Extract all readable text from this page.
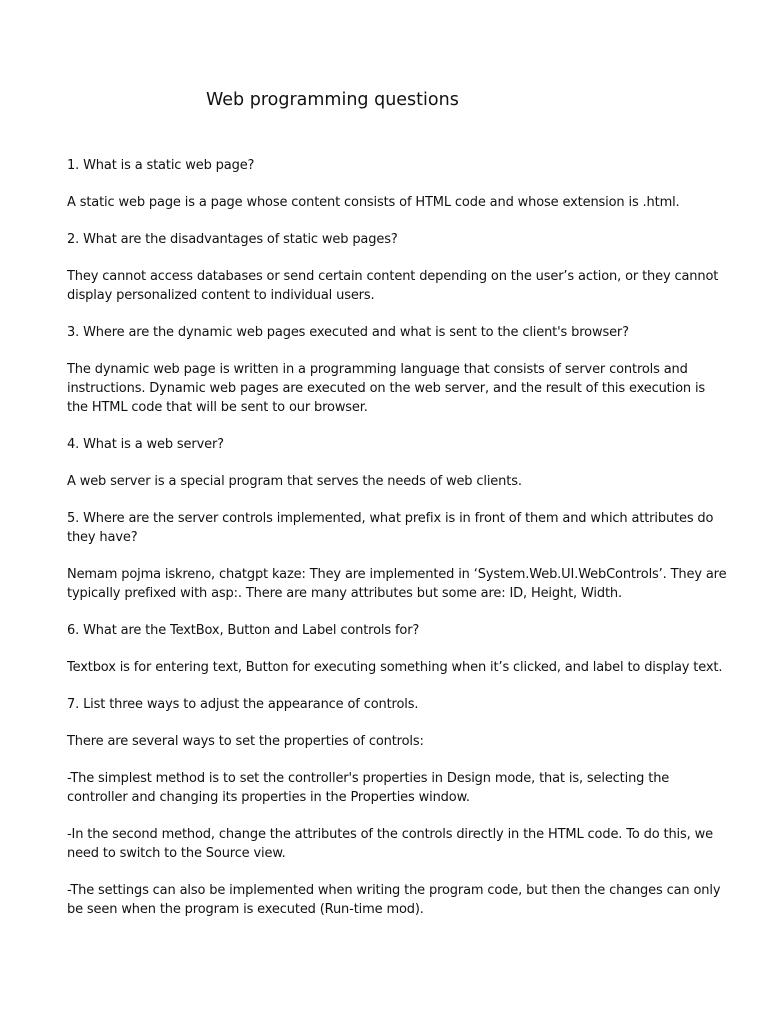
Web programming questions

1. What is a static web page?

A static web page is a page whose content consists of HTML code and whose extension is .html.

2. What are the disadvantages of static web pages?

They cannot access databases or send certain content depending on the user’s action, or they cannot display personalized content to individual users.

3. Where are the dynamic web pages executed and what is sent to the client's browser?

The dynamic web page is written in a programming language that consists of server controls and instructions. Dynamic web pages are executed on the web server, and the result of this execution is the HTML code that will be sent to our browser.

4. What is a web server?

A web server is a special program that serves the needs of web clients.

5. Where are the server controls implemented, what prefix is in front of them and which attributes do they have?

Nemam pojma iskreno, chatgpt kaze: They are implemented in ‘System.Web.UI.WebControls’. They are typically prefixed with asp:. There are many attributes but some are: ID, Height, Width.

6. What are the TextBox, Button and Label controls for?

Textbox is for entering text, Button for executing something when it’s clicked, and label to display text.

7. List three ways to adjust the appearance of controls.

There are several ways to set the properties of controls:

-The simplest method is to set the controller's properties in Design mode, that is, selecting the controller and changing its properties in the Properties window.

-In the second method, change the attributes of the controls directly in the HTML code. To do this, we need to switch to the Source view.

-The settings can also be implemented when writing the program code, but then the changes can only be seen when the program is executed (Run-time mod).
